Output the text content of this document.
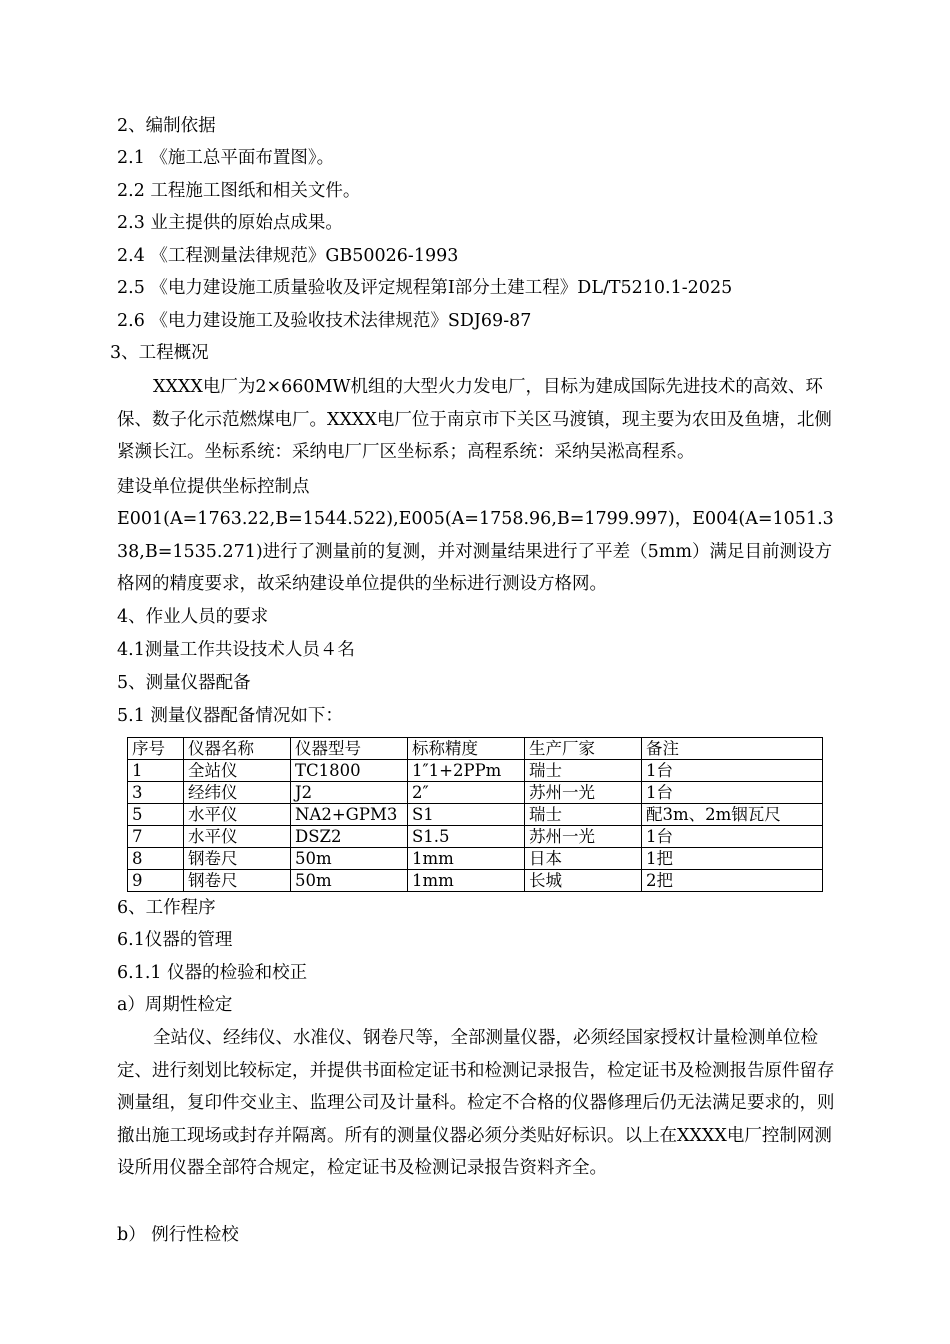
2、编制依据
2.1 《施工总平面布置图》。
2.2 工程施工图纸和相关文件。
2.3 业主提供的原始点成果。
2.4 《工程测量法律规范》GB50026-1993
2.5 《电力建设施工质量验收及评定规程第Ⅰ部分土建工程》DL/T5210.1-2025
2.6 《电力建设施工及验收技术法律规范》SDJ69-87
3、工程概况
XXXX电厂为2×660MW机组的大型火力发电厂，目标为建成国际先进技术的高效、环保、数子化示范燃煤电厂。XXXX电厂位于南京市下关区马渡镇，现主要为农田及鱼塘，北侧紧濒长江。坐标系统：采纳电厂厂区坐标系；高程系统：采纳吴淞高程系。
建设单位提供坐标控制点
E001(A=1763.22,B=1544.522),E005(A=1758.96,B=1799.997)，E004(A=1051.338,B=1535.271)进行了测量前的复测，并对测量结果进行了平差（5mm）满足目前测设方格网的精度要求，故采纳建设单位提供的坐标进行测设方格网。
4、作业人员的要求
4.1测量工作共设技术人员４名
5、测量仪器配备
5.1 测量仪器配备情况如下：
序号	仪器名称	仪器型号	标称精度	生产厂家	备注
1	全站仪	TC1800	1″1+2PPm	瑞士	1台
3	经纬仪	J2	2″	苏州一光	1台
5	水平仪	NA2+GPM3	S1	瑞士	配3m、2m铟瓦尺
7	水平仪	DSZ2	S1.5	苏州一光	1台
8	钢卷尺	50m	1mm	日本	1把
9	钢卷尺	50m	1mm	长城	2把
6、工作程序
6.1仪器的管理
6.1.1 仪器的检验和校正
a）周期性检定
全站仪、经纬仪、水准仪、钢卷尺等，全部测量仪器，必须经国家授权计量检测单位检定、进行刻划比较标定，并提供书面检定证书和检测记录报告，检定证书及检测报告原件留存测量组，复印件交业主、监理公司及计量科。检定不合格的仪器修理后仍无法满足要求的，则撤出施工现场或封存并隔离。所有的测量仪器必须分类贴好标识。以上在XXXX电厂控制网测设所用仪器全部符合规定，检定证书及检测记录报告资料齐全。
b） 例行性检校
